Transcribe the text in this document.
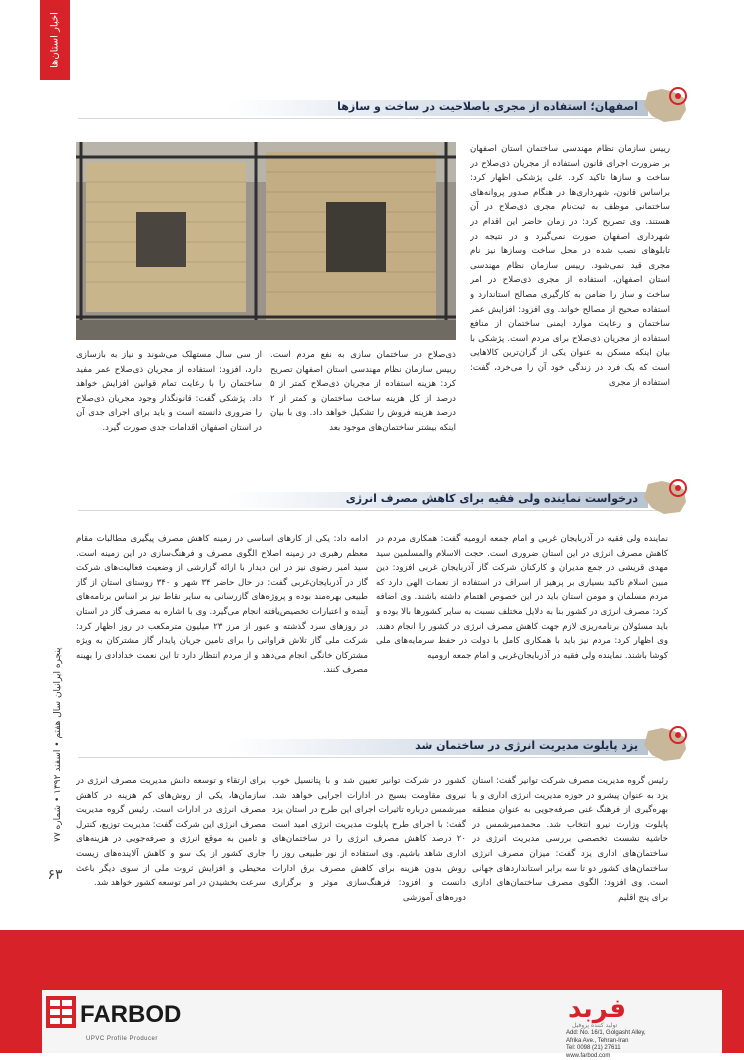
اخبار استان‌ها
پنجره ایرانیان سال هفتم • اسفند ۱۳۹۲ • شماره ۷۷
۶۳
اصفهان؛ استفاده از مجری باصلاحیت در ساخت و سازها
رییس سازمان نظام مهندسی ساختمان استان اصفهان بر ضرورت اجرای قانون استفاده از مجریان ذی‌صلاح در ساخت و سازها تاکید کرد. علی پژشکی اظهار کرد: براساس قانون، شهرداری‌ها در هنگام صدور پروانه‌های ساختمانی موظف به ثبت‌نام مجری ذی‌صلاح در آن هستند. وی تصریح کرد: در زمان حاضر این اقدام در شهرداری اصفهان صورت نمی‌گیرد و در نتیجه در تابلوهای نصب شده در محل ساخت وسازها نیز نام مجری قید نمی‌شود. رییس سازمان نظام مهندسی استان اصفهان، استفاده از مجری ذی‌صلاح در امر ساخت و ساز را ضامن به کارگیری مصالح استاندارد و استفاده صحیح از مصالح خواند. وی افزود: افزایش عمر ساختمان و رعایت موارد ایمنی ساختمان از منافع استفاده از مجریان ذی‌صلاح برای مردم است. پژشکی با بیان اینکه مسکن به عنوان یکی از گران‌ترین کالاهایی است که یک فرد در زندگی خود آن را می‌خرد، گفت: استفاده از مجری
ذی‌صلاح در ساختمان سازی به نفع مردم است. رییس سازمان نظام مهندسی استان اصفهان تصریح کرد: هزینه استفاده از مجریان ذی‌صلاح کمتر از ۵ درصد از کل هزینه ساخت ساختمان و کمتر از ۲ درصد هزینه فروش را تشکیل خواهد داد. وی با بیان اینکه بیشتر ساختمان‌های موجود بعد
از سی سال مستهلک می‌شوند و نیاز به بازسازی دارد، افزود: استفاده از مجریان ذی‌صلاح عمر مفید ساختمان را با رعایت تمام قوانین افزایش خواهد داد. پژشکی گفت: قانونگذار وجود مجریان ذی‌صلاح را ضروری دانسته است و باید برای اجرای جدی آن در استان اصفهان اقدامات جدی صورت گیرد.
درخواست نماینده ولی فقیه برای کاهش مصرف انرژی
نماینده ولی فقیه در آذربایجان غربی و امام جمعه ارومیه گفت: همکاری مردم در کاهش مصرف انرژی در این استان ضروری است. حجت الاسلام والمسلمین سید مهدی قریشی در جمع مدیران و کارکنان شرکت گاز آذربایجان غربی افزود: دین مبین اسلام تاکید بسیاری بر پرهیز از اسراف در استفاده از نعمات الهی دارد که مردم مسلمان و مومن استان باید در این خصوص اهتمام داشته باشند. وی اضافه کرد: مصرف انرژی در کشور بنا به دلایل مختلف نسبت به سایر کشورها بالا بوده و باید مسئولان برنامه‌ریزی لازم جهت کاهش مصرف انرژی در کشور را انجام دهند. وی اظهار کرد: مردم نیز باید با همکاری کامل با دولت در حفظ سرمایه‌های ملی کوشا باشند. نماینده ولی فقیه در آذربایجان‌غربی و امام جمعه ارومیه
ادامه داد: یکی از کارهای اساسی در زمینه کاهش مصرف پیگیری مطالبات مقام معظم رهبری در زمینه اصلاح الگوی مصرف و فرهنگ‌سازی در این زمینه است. سید امیر رضوی نیز در این دیدار با ارائه گزارشی از وضعیت فعالیت‌های شرکت گاز در آذربایجان‌غربی گفت: در حال حاضر ۳۴ شهر و ۳۴۰ روستای استان از گاز طبیعی بهره‌مند بوده و پروژه‌های گازرسانی به سایر نقاط نیز بر اساس برنامه‌های آینده و اعتبارات تخصیص‌یافته انجام می‌گیرد. وی با اشاره به مصرف گاز در استان در روزهای سرد گذشته و عبور از مرز ۲۳ میلیون مترمکعب در روز اظهار کرد: شرکت ملی گاز تلاش فراوانی را برای تامین جریان پایدار گاز مشترکان به ویژه مشترکان خانگی انجام می‌دهد و از مردم انتظار دارد تا این نعمت خدادادی را بهینه مصرف کنند.
یزد پایلوت مدیریت انرژی در ساختمان شد
رئیس گروه مدیریت مصرف شرکت توانیر گفت: استان یزد به عنوان پیشرو در حوزه مدیریت انرژی اداری و با بهره‌گیری از فرهنگ غنی صرفه‌جویی به عنوان منطقه پایلوت وزارت نیرو انتخاب شد. محمدمیرشمس در حاشیه نشست تخصصی بررسی مدیریت انرژی در ساختمان‌های اداری یزد گفت: میزان مصرف انرژی ساختمان‌های کشور دو تا سه برابر استانداردهای جهانی است. وی افزود: الگوی مصرف ساختمان‌های اداری برای پنج اقلیم
کشور در شرکت توانیر تعیین شد و با پتانسیل خوب نیروی مقاومت بسیج در ادارات اجرایی خواهد شد. میرشمس درباره تاثیرات اجرای این طرح در استان یزد گفت: با اجرای طرح پایلوت مدیریت انرژی امید است ۲۰ درصد کاهش مصرف انرژی را در ساختمان‌های اداری شاهد باشیم. وی استفاده از نور طبیعی روز را روش بدون هزینه برای کاهش مصرف برق ادارات دانست و افزود: فرهنگ‌سازی موثر و برگزاری دوره‌های آموزشی
برای ارتقاء و توسعه دانش مدیریت مصرف انرژی در سازمان‌ها، یکی از روش‌های کم هزینه در کاهش مصرف انرژی در ادارات است. رئیس گروه مدیریت مصرف انرژی این شرکت گفت: مدیریت توزیع، کنترل و تامین به موقع انرژی و صرفه‌جویی در هزینه‌های جاری کشور از یک سو و کاهش آلاینده‌های زیست محیطی و افزایش ثروت ملی از سوی دیگر باعث سرعت بخشیدن در امر توسعه کشور خواهد شد.
FARBOD
UPVC Profile Producer
فربد
تولید کننده پروفیل
Add: No. 16/1, Golgasht Alley,
Afrika Ave., Tehran-Iran
Tel: 0098 (21) 27611
www.farbod.com
